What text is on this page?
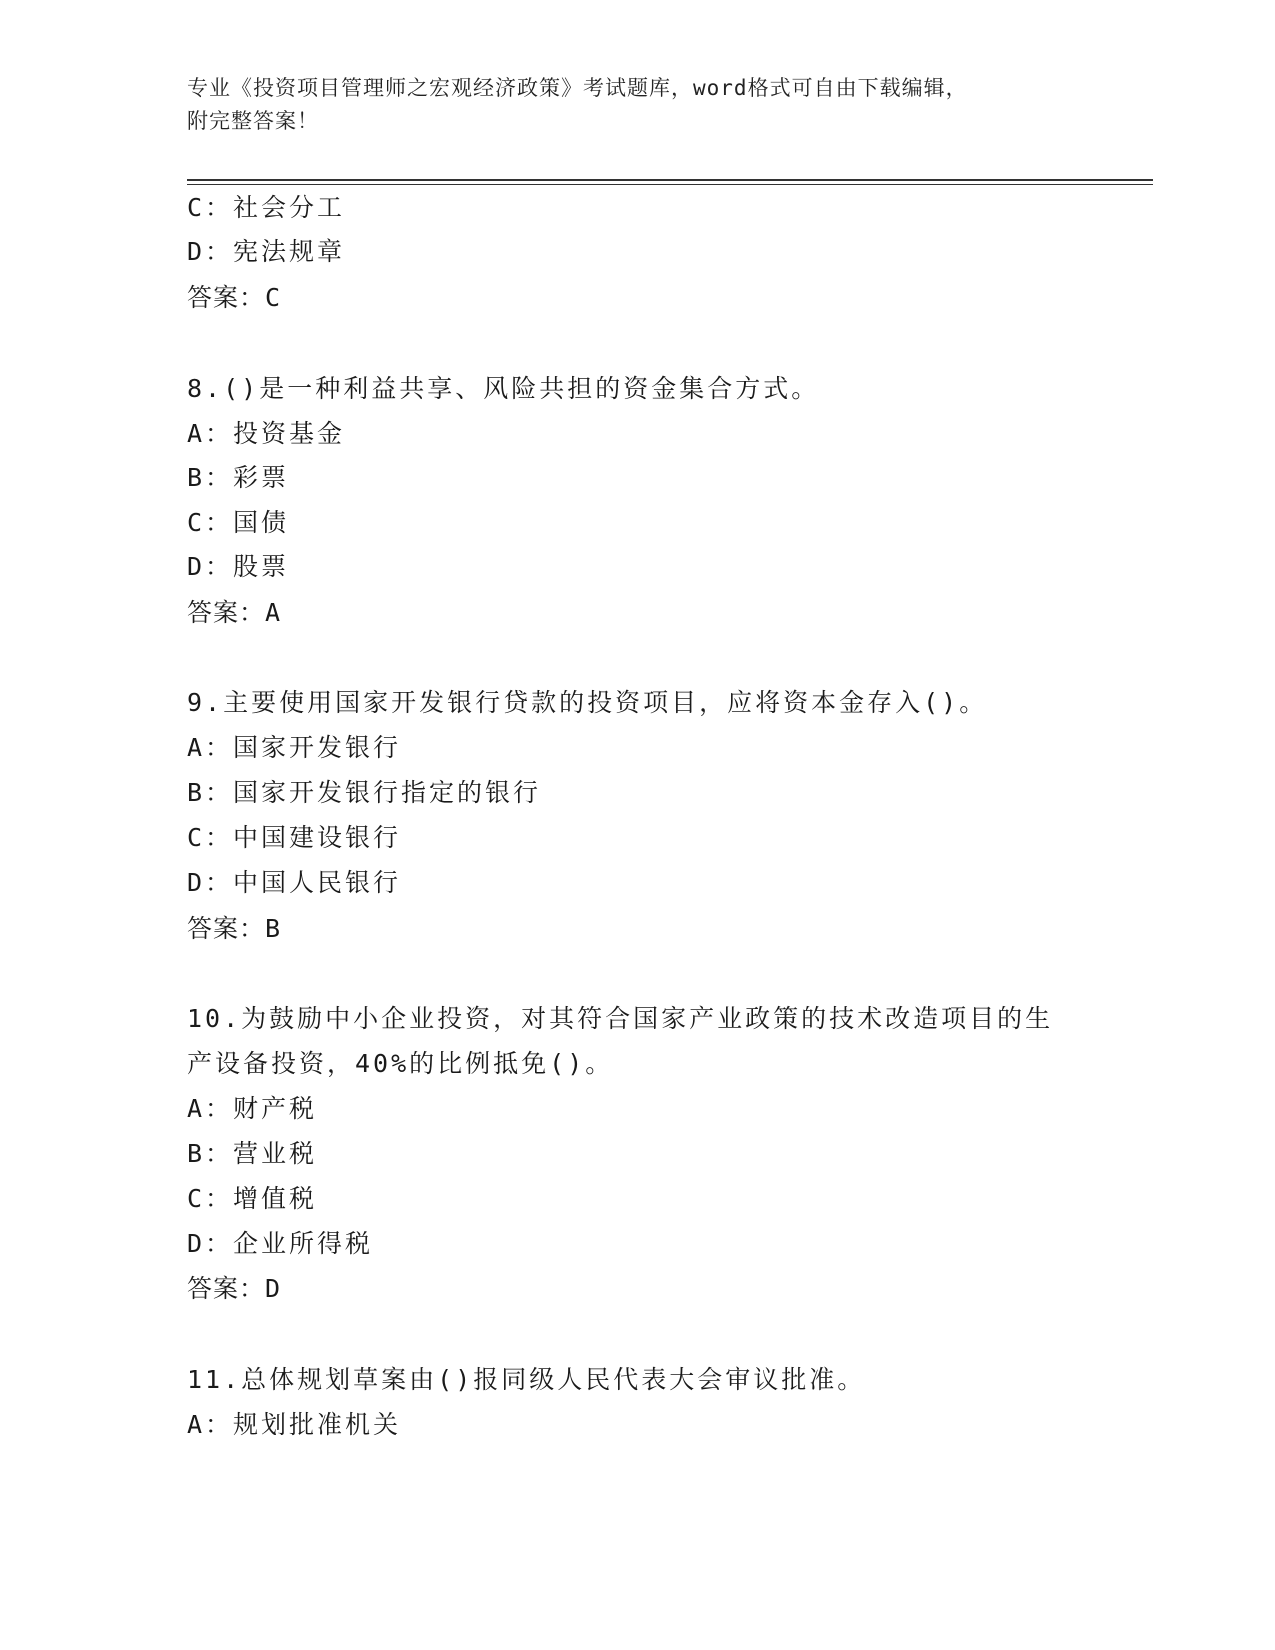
专业《投资项目管理师之宏观经济政策》考试题库，word格式可自由下载编辑，
附完整答案！
C：社会分工
D：宪法规章
答案：C
8.()是一种利益共享、风险共担的资金集合方式。
A：投资基金
B：彩票
C：国债
D：股票
答案：A
9.主要使用国家开发银行贷款的投资项目，应将资本金存入()。
A：国家开发银行
B：国家开发银行指定的银行
C：中国建设银行
D：中国人民银行
答案：B
10.为鼓励中小企业投资，对其符合国家产业政策的技术改造项目的生
产设备投资，40%的比例抵免()。
A：财产税
B：营业税
C：增值税
D：企业所得税
答案：D
11.总体规划草案由()报同级人民代表大会审议批准。
A：规划批准机关
